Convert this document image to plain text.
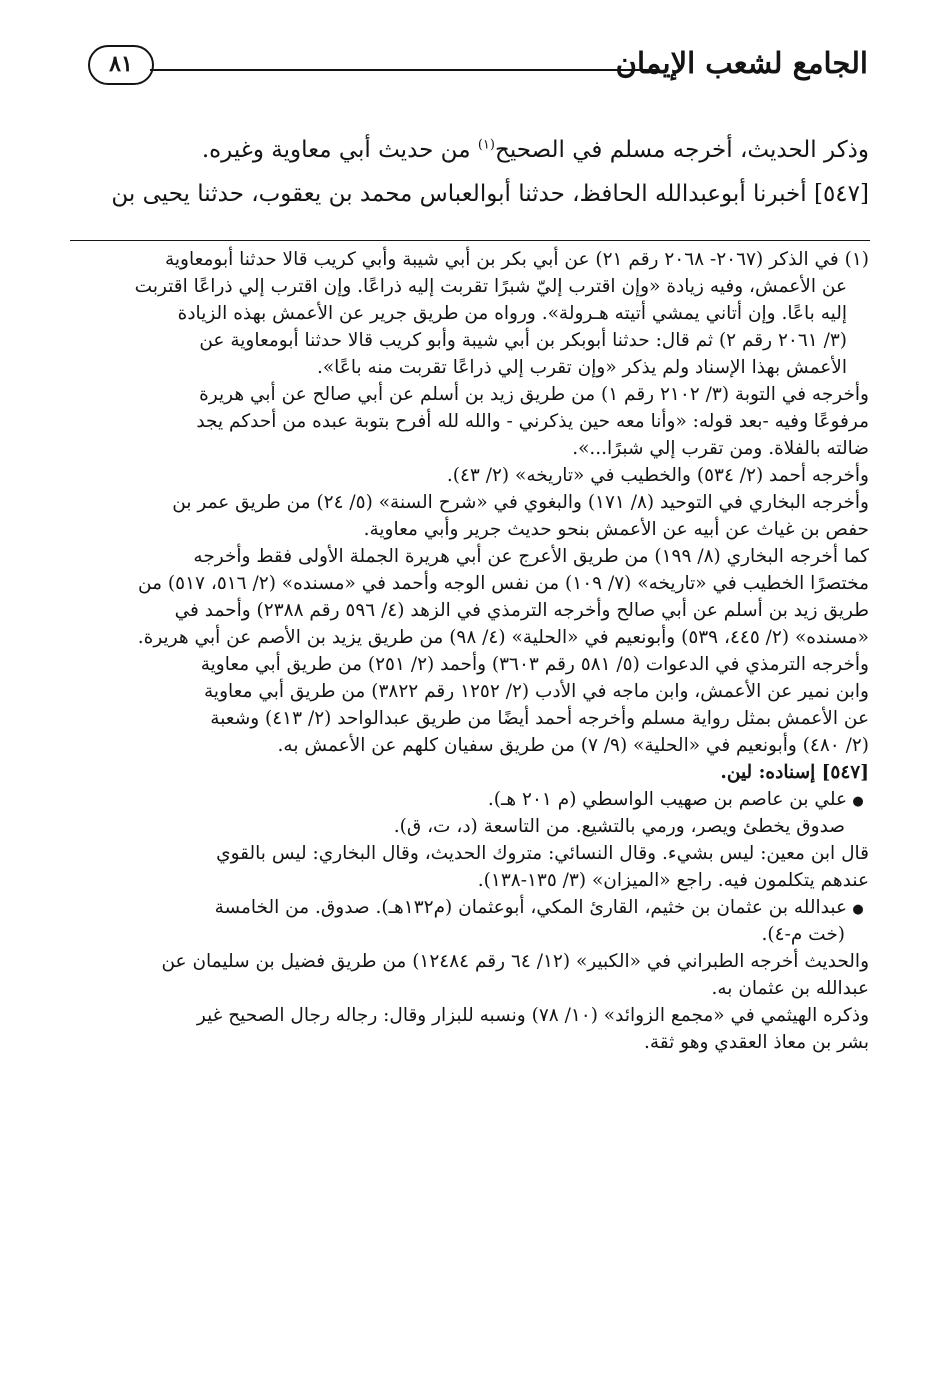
الجامع لشعب الإيمان
٨١
وذكر الحديث، أخرجه مسلم في الصحيح$^{(١)}$ من حديث أبي معاوية وغيره.
[٥٤٧] أخبرنا أبوعبدالله الحافظ، حدثنا أبوالعباس محمد بن يعقوب، حدثنا يحيى بن
(١) في الذكر (٢٠٦٧- ٢٠٦٨ رقم ٢١) عن أبي بكر بن أبي شيبة وأبي كريب قالا حدثنا أبومعاوية
عن الأعمش، وفيه زيادة «وإن اقترب إليّ شبرًا تقربت إليه ذراعًا. وإن اقترب إلي ذراعًا اقتربت
إليه باعًا. وإن أتاني يمشي أتيته هـرولة». ورواه من طريق جرير عن الأعمش بهذه الزيادة
(٣/ ٢٠٦١ رقم ٢) ثم قال: حدثنا أبوبكر بن أبي شيبة وأبو كريب قالا حدثنا أبومعاوية عن
الأعمش بهذا الإسناد ولم يذكر «وإن تقرب إلي ذراعًا تقربت منه باعًا».
وأخرجه في التوبة (٣/ ٢١٠٢ رقم ١) من طريق زيد بن أسلم عن أبي صالح عن أبي هريرة
مرفوعًا وفيه -بعد قوله: «وأنا معه حين يذكرني - والله لله أفرح بتوبة عبده من أحدكم يجد
ضالته بالفلاة. ومن تقرب إلي شبرًا...».
وأخرجه أحمد (٢/ ٥٣٤) والخطيب في «تاريخه» (٢/ ٤٣).
وأخرجه البخاري في التوحيد (٨/ ١٧١) والبغوي في «شرح السنة» (٥/ ٢٤) من طريق عمر بن
حفص بن غياث عن أبيه عن الأعمش بنحو حديث جرير وأبي معاوية.
كما أخرجه البخاري (٨/ ١٩٩) من طريق الأعرج عن أبي هريرة الجملة الأولى فقط وأخرجه
مختصرًا الخطيب في «تاريخه» (٧/ ١٠٩) من نفس الوجه وأحمد في «مسنده» (٢/ ٥١٦، ٥١٧) من
طريق زيد بن أسلم عن أبي صالح وأخرجه الترمذي في الزهد (٤/ ٥٩٦ رقم ٢٣٨٨) وأحمد في
«مسنده» (٢/ ٤٤٥، ٥٣٩) وأبونعيم في «الحلية» (٤/ ٩٨) من طريق يزيد بن الأصم عن أبي هريرة.
وأخرجه الترمذي في الدعوات (٥/ ٥٨١ رقم ٣٦٠٣) وأحمد (٢/ ٢٥١) من طريق أبي معاوية
وابن نمير عن الأعمش، وابن ماجه في الأدب (٢/ ١٢٥٢ رقم ٣٨٢٢) من طريق أبي معاوية
عن الأعمش بمثل رواية مسلم وأخرجه أحمد أيضًا من طريق عبدالواحد (٢/ ٤١٣) وشعبة
(٢/ ٤٨٠) وأبونعيم في «الحلية» (٩/ ٧) من طريق سفيان كلهم عن الأعمش به.
[٥٤٧] إسناده: لين.
●علي بن عاصم بن صهيب الواسطي (م ٢٠١ هـ).
صدوق يخطئ ويصر، ورمي بالتشيع. من التاسعة (د، ت، ق).
قال ابن معين: ليس بشيء. وقال النسائي: متروك الحديث، وقال البخاري: ليس بالقوي
عندهم يتكلمون فيه. راجع «الميزان» (٣/ ١٣٥-١٣٨).
●عبدالله بن عثمان بن خثيم، القارئ المكي، أبوعثمان (م١٣٢هـ). صدوق. من الخامسة
(خت م-٤).
والحديث أخرجه الطبراني في «الكبير» (١٢/ ٦٤ رقم ١٢٤٨٤) من طريق فضيل بن سليمان عن
عبدالله بن عثمان به.
وذكره الهيثمي في «مجمع الزوائد» (١٠/ ٧٨) ونسبه للبزار وقال: رجاله رجال الصحيح غير
بشر بن معاذ العقدي وهو ثقة.
